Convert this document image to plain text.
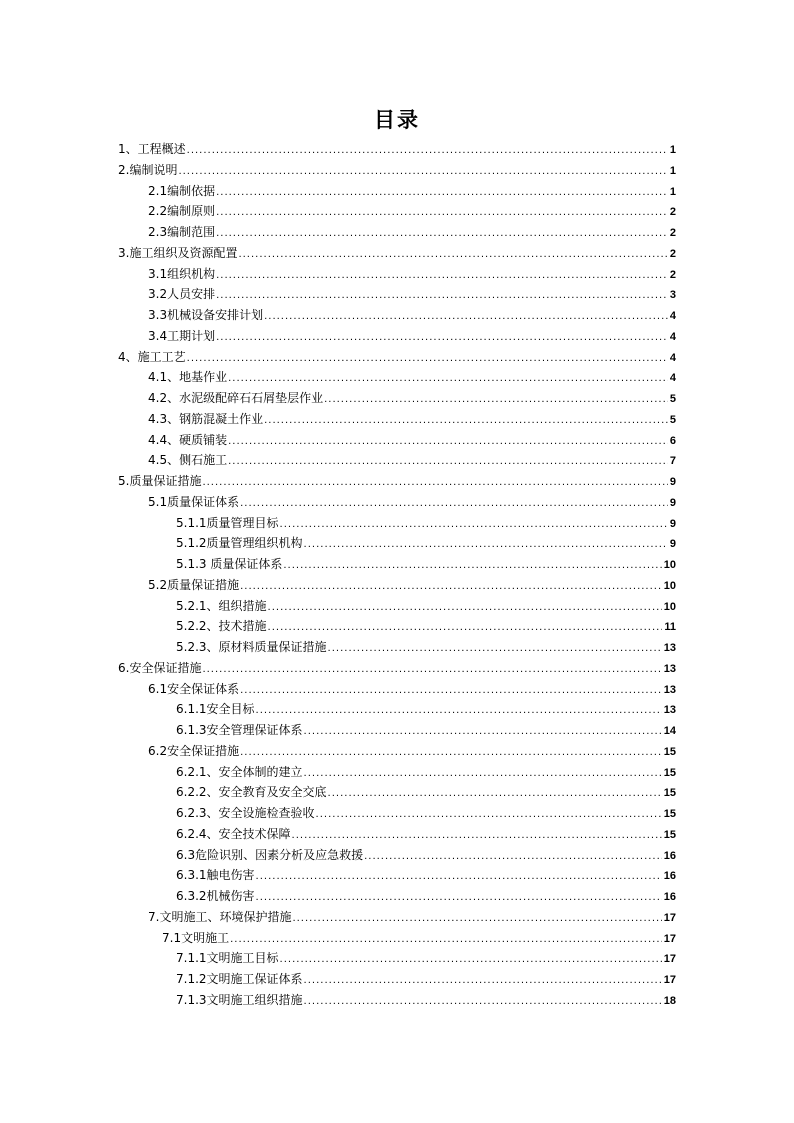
目录
1、工程概述 .....	1
2.编制说明 .....	1
2.1编制依据 .....	1
2.2编制原则 .....	2
2.3编制范围 .....	2
3.施工组织及资源配置 .....	2
3.1组织机构 .....	2
3.2人员安排 .....	3
3.3机械设备安排计划 .....	4
3.4工期计划 .....	4
4、施工工艺 .....	4
4.1、地基作业 .....	4
4.2、水泥级配碎石石屑垫层作业 .....	5
4.3、钢筋混凝土作业 .....	5
4.4、硬质铺装 .....	6
4.5、侧石施工 .....	7
5.质量保证措施 .....	9
5.1质量保证体系 .....	9
5.1.1质量管理目标 .....	9
5.1.2质量管理组织机构 .....	9
5.1.3 质量保证体系 .....	10
5.2质量保证措施 .....	10
5.2.1、组织措施 .....	10
5.2.2、技术措施 .....	11
5.2.3、原材料质量保证措施 .....	13
6.安全保证措施 .....	13
6.1安全保证体系 .....	13
6.1.1安全目标 .....	13
6.1.3安全管理保证体系 .....	14
6.2安全保证措施 .....	15
6.2.1、安全体制的建立 .....	15
6.2.2、安全教育及安全交底 .....	15
6.2.3、安全设施检查验收 .....	15
6.2.4、安全技术保障 .....	15
6.3危险识别、因素分析及应急救援 .....	16
6.3.1触电伤害 .....	16
6.3.2机械伤害 .....	16
7.文明施工、环境保护措施 .....	17
7.1文明施工 .....	17
7.1.1文明施工目标 .....	17
7.1.2文明施工保证体系 .....	17
7.1.3文明施工组织措施 .....	18
